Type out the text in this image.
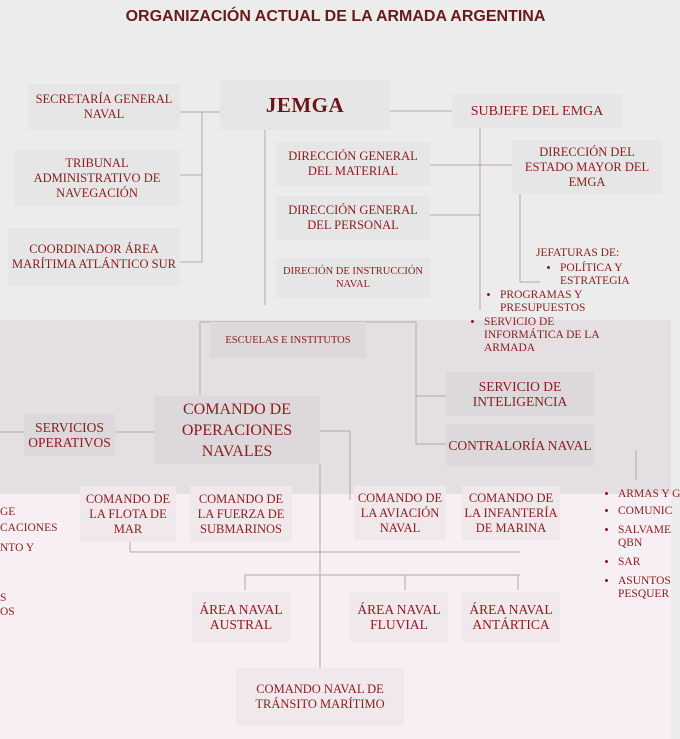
ORGANIZACIÓN ACTUAL DE LA ARMADA ARGENTINA
SECRETARÍA GENERAL NAVAL
TRIBUNAL ADMINISTRATIVO DE NAVEGACIÓN
COORDINADOR ÁREA MARÍTIMA ATLÁNTICO SUR
JEMGA	SUBJEFE DEL EMGA
DIRECCIÓN GENERAL DEL MATERIAL
DIRECCIÓN GENERAL DEL PERSONAL
DIRECIÓN DE INSTRUCCIÓN NAVAL
DIRECCIÓN DEL ESTADO MAYOR DEL EMGA
JEFATURAS DE:
• POLÍTICA Y ESTRATEGIA
• PROGRAMAS Y PRESUPUESTOS
• SERVICIO DE INFORMÁTICA DE LA ARMADA
ESCUELAS E INSTITUTOS
SERVICIO DE INTELIGENCIA
CONTRALORÍA NAVAL
SERVICIOS OPERATIVOS
COMANDO DE OPERACIONES NAVALES
COMANDO DE LA FLOTA DE MAR
COMANDO DE LA FUERZA DE SUBMARINOS
COMANDO DE LA AVIACIÓN NAVAL
COMANDO DE LA INFANTERÍA DE MARINA
ÁREA NAVAL AUSTRAL
ÁREA NAVAL FLUVIAL
ÁREA NAVAL ANTÁRTICA
COMANDO NAVAL DE TRÁNSITO MARÍTIMO
• ARMAS Y G
• COMUNIC
• SALVAME QBN
• SAR
• ASUNTOS PESQUER
GE
CACIONES
NTO Y
S
OS
